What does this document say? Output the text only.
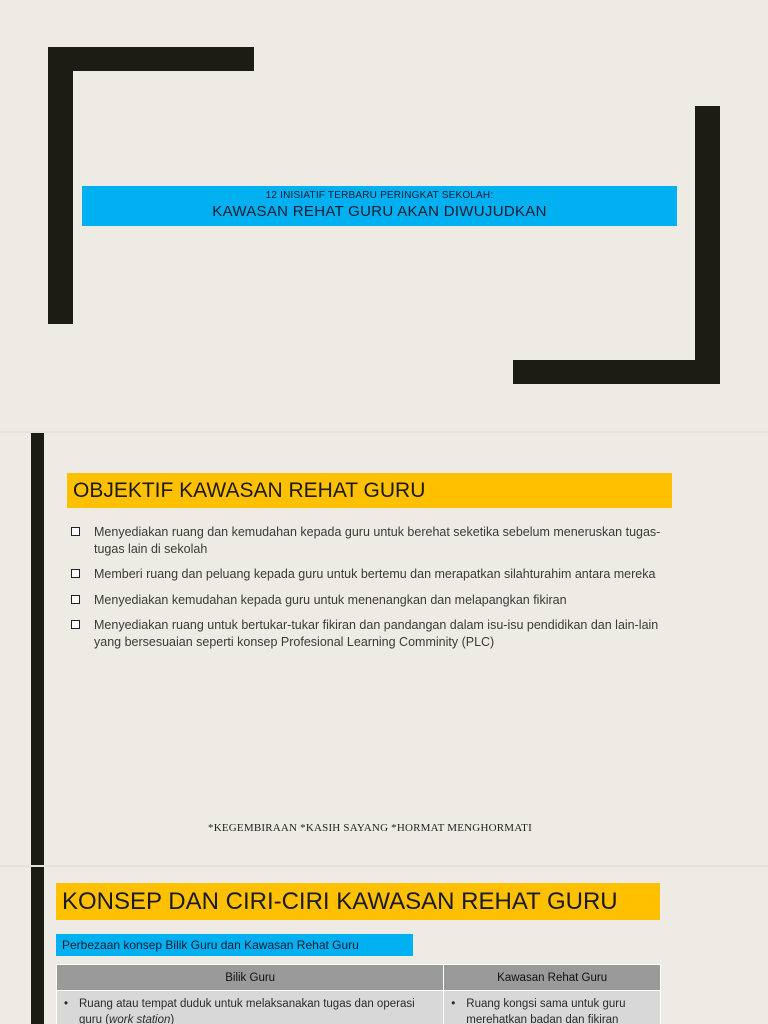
12 INISIATIF TERBARU PERINGKAT SEKOLAH:
KAWASAN REHAT GURU AKAN DIWUJUDKAN
OBJEKTIF KAWASAN REHAT GURU
Menyediakan ruang dan kemudahan kepada guru untuk berehat seketika sebelum meneruskan tugas-tugas lain di sekolah
Memberi ruang dan peluang kepada guru untuk bertemu dan merapatkan silahturahim antara mereka
Menyediakan kemudahan kepada guru untuk menenangkan dan melapangkan fikiran
Menyediakan ruang untuk bertukar-tukar fikiran dan pandangan dalam isu-isu pendidikan dan lain-lain yang bersesuaian seperti konsep Profesional Learning Comminity (PLC)
*KEGEMBIRAAN *KASIH SAYANG *HORMAT MENGHORMATI
KONSEP DAN CIRI-CIRI KAWASAN REHAT GURU
Perbezaan konsep Bilik Guru dan Kawasan Rehat Guru
Bilik Guru	Kawasan Rehat Guru

• Ruang atau tempat duduk untuk melaksanakan tugas dan operasi guru (work station)	• Ruang kongsi sama untuk guru merehatkan badan dan fikiran
